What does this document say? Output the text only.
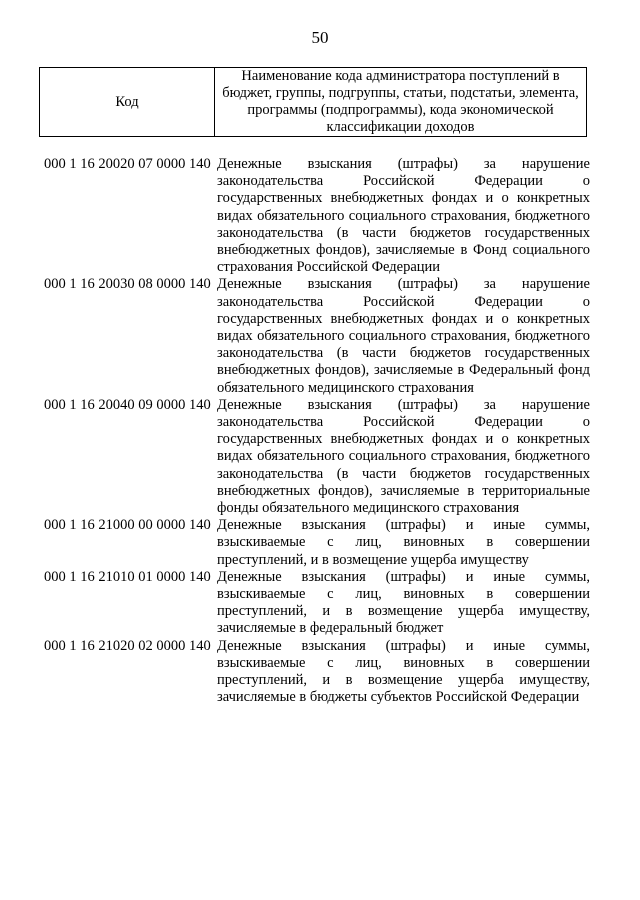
50
Код	Наименование кода администратора поступлений в бюджет, группы, подгруппы, статьи, подстатьи, элемента, программы (подпрограммы), кода экономической классификации доходов
000 1 16 20020 07 0000 140 Денежные взыскания (штрафы) за нарушение законодательства Российской Федерации о государственных внебюджетных фондах и о конкретных видах обязательного социального страхования, бюджетного законодательства (в части бюджетов государственных внебюджетных фондов), зачисляемые в Фонд социального страхования Российской Федерации
000 1 16 20030 08 0000 140 Денежные взыскания (штрафы) за нарушение законодательства Российской Федерации о государственных внебюджетных фондах и о конкретных видах обязательного социального страхования, бюджетного законодательства (в части бюджетов государственных внебюджетных фондов), зачисляемые в Федеральный фонд обязательного медицинского страхования
000 1 16 20040 09 0000 140 Денежные взыскания (штрафы) за нарушение законодательства Российской Федерации о государственных внебюджетных фондах и о конкретных видах обязательного социального страхования, бюджетного законодательства (в части бюджетов государственных внебюджетных фондов), зачисляемые в территориальные фонды обязательного медицинского страхования
000 1 16 21000 00 0000 140 Денежные взыскания (штрафы) и иные суммы, взыскиваемые с лиц, виновных в совершении преступлений, и в возмещение ущерба имуществу
000 1 16 21010 01 0000 140 Денежные взыскания (штрафы) и иные суммы, взыскиваемые с лиц, виновных в совершении преступлений, и в возмещение ущерба имуществу, зачисляемые в федеральный бюджет
000 1 16 21020 02 0000 140 Денежные взыскания (штрафы) и иные суммы, взыскиваемые с лиц, виновных в совершении преступлений, и в возмещение ущерба имуществу, зачисляемые в бюджеты субъектов Российской Федерации
